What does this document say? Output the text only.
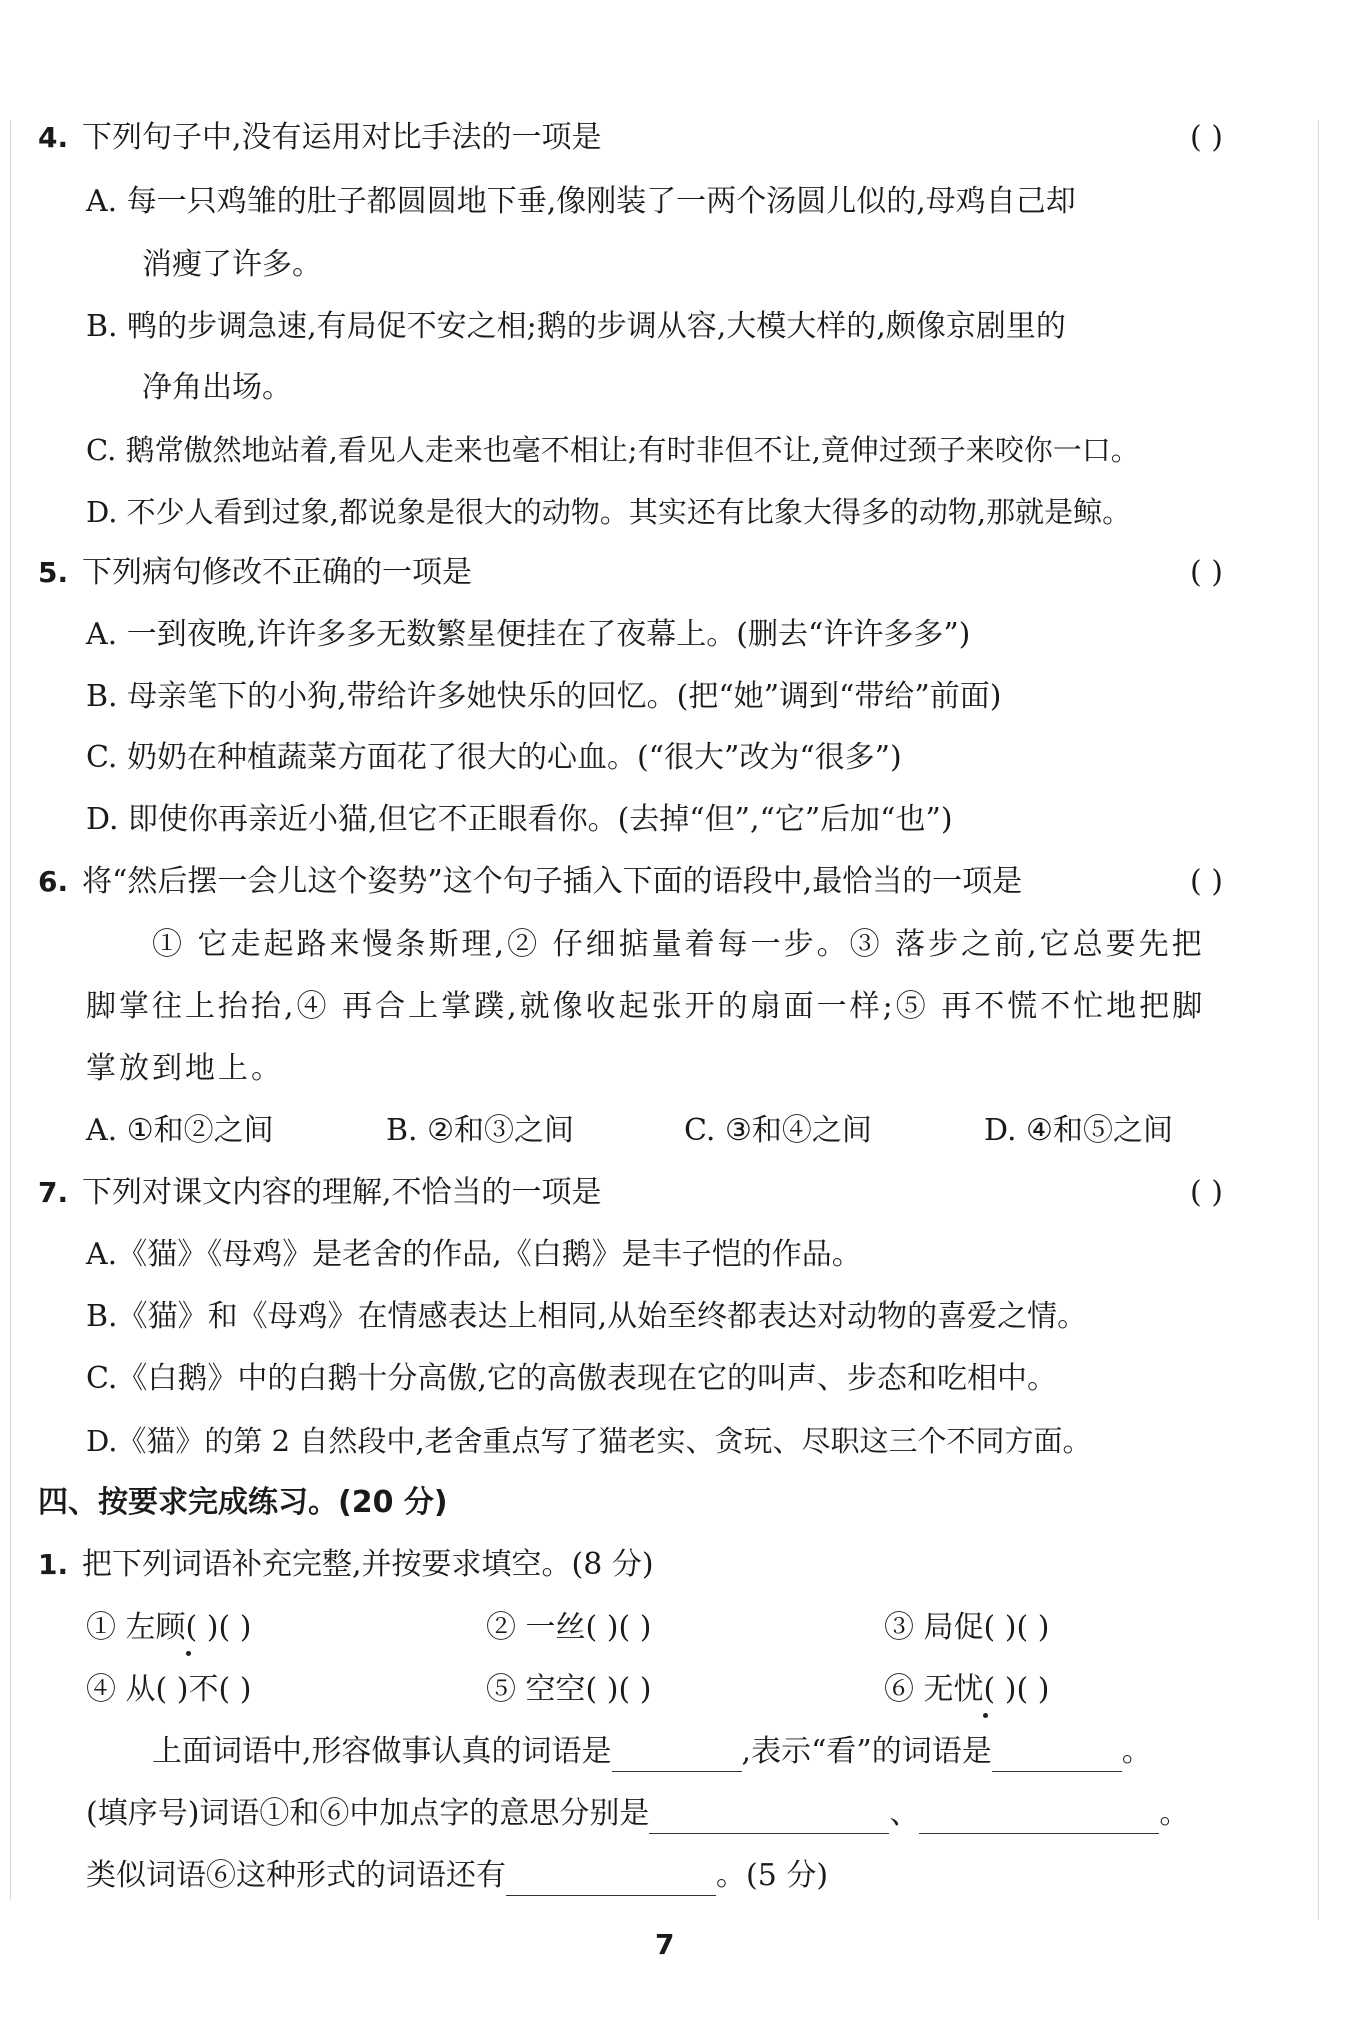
4. 下列句子中,没有运用对比手法的一项是	( )
A. 每一只鸡雏的肚子都圆圆地下垂,像刚装了一两个汤圆儿似的,母鸡自己却
消瘦了许多。
B. 鸭的步调急速,有局促不安之相;鹅的步调从容,大模大样的,颇像京剧里的
净角出场。
C. 鹅常傲然地站着,看见人走来也毫不相让;有时非但不让,竟伸过颈子来咬你一口。
D. 不少人看到过象,都说象是很大的动物。其实还有比象大得多的动物,那就是鲸。
5. 下列病句修改不正确的一项是	( )
A. 一到夜晚,许许多多无数繁星便挂在了夜幕上。(删去“许许多多”)
B. 母亲笔下的小狗,带给许多她快乐的回忆。(把“她”调到“带给”前面)
C. 奶奶在种植蔬菜方面花了很大的心血。(“很大”改为“很多”)
D. 即使你再亲近小猫,但它不正眼看你。(去掉“但”,“它”后加“也”)
6. 将“然后摆一会儿这个姿势”这个句子插入下面的语段中,最恰当的一项是	( )
① 它走起路来慢条斯理,② 仔细掂量着每一步。③ 落步之前,它总要先把
脚掌往上抬抬,④ 再合上掌蹼,就像收起张开的扇面一样;⑤ 再不慌不忙地把脚
掌放到地上。
A. ①和②之间	B. ②和③之间	C. ③和④之间	D. ④和⑤之间
7. 下列对课文内容的理解,不恰当的一项是	( )
A.《猫》《母鸡》是老舍的作品,《白鹅》是丰子恺的作品。
B.《猫》和《母鸡》在情感表达上相同,从始至终都表达对动物的喜爱之情。
C.《白鹅》中的白鹅十分高傲,它的高傲表现在它的叫声、步态和吃相中。
D.《猫》的第 2 自然段中,老舍重点写了猫老实、贪玩、尽职这三个不同方面。
四、按要求完成练习。(20 分)
1. 把下列词语补充完整,并按要求填空。(8 分)
① 左顾( )( )	② 一丝( )( )	③ 局促( )( )
④ 从( )不( )	⑤ 空空( )( )	⑥ 无忧( )( )
上面词语中,形容做事认真的词语是	,表示“看”的词语是	。
(填序号)词语①和⑥中加点字的意思分别是	、	。
类似词语⑥这种形式的词语还有	。(5 分)
7
